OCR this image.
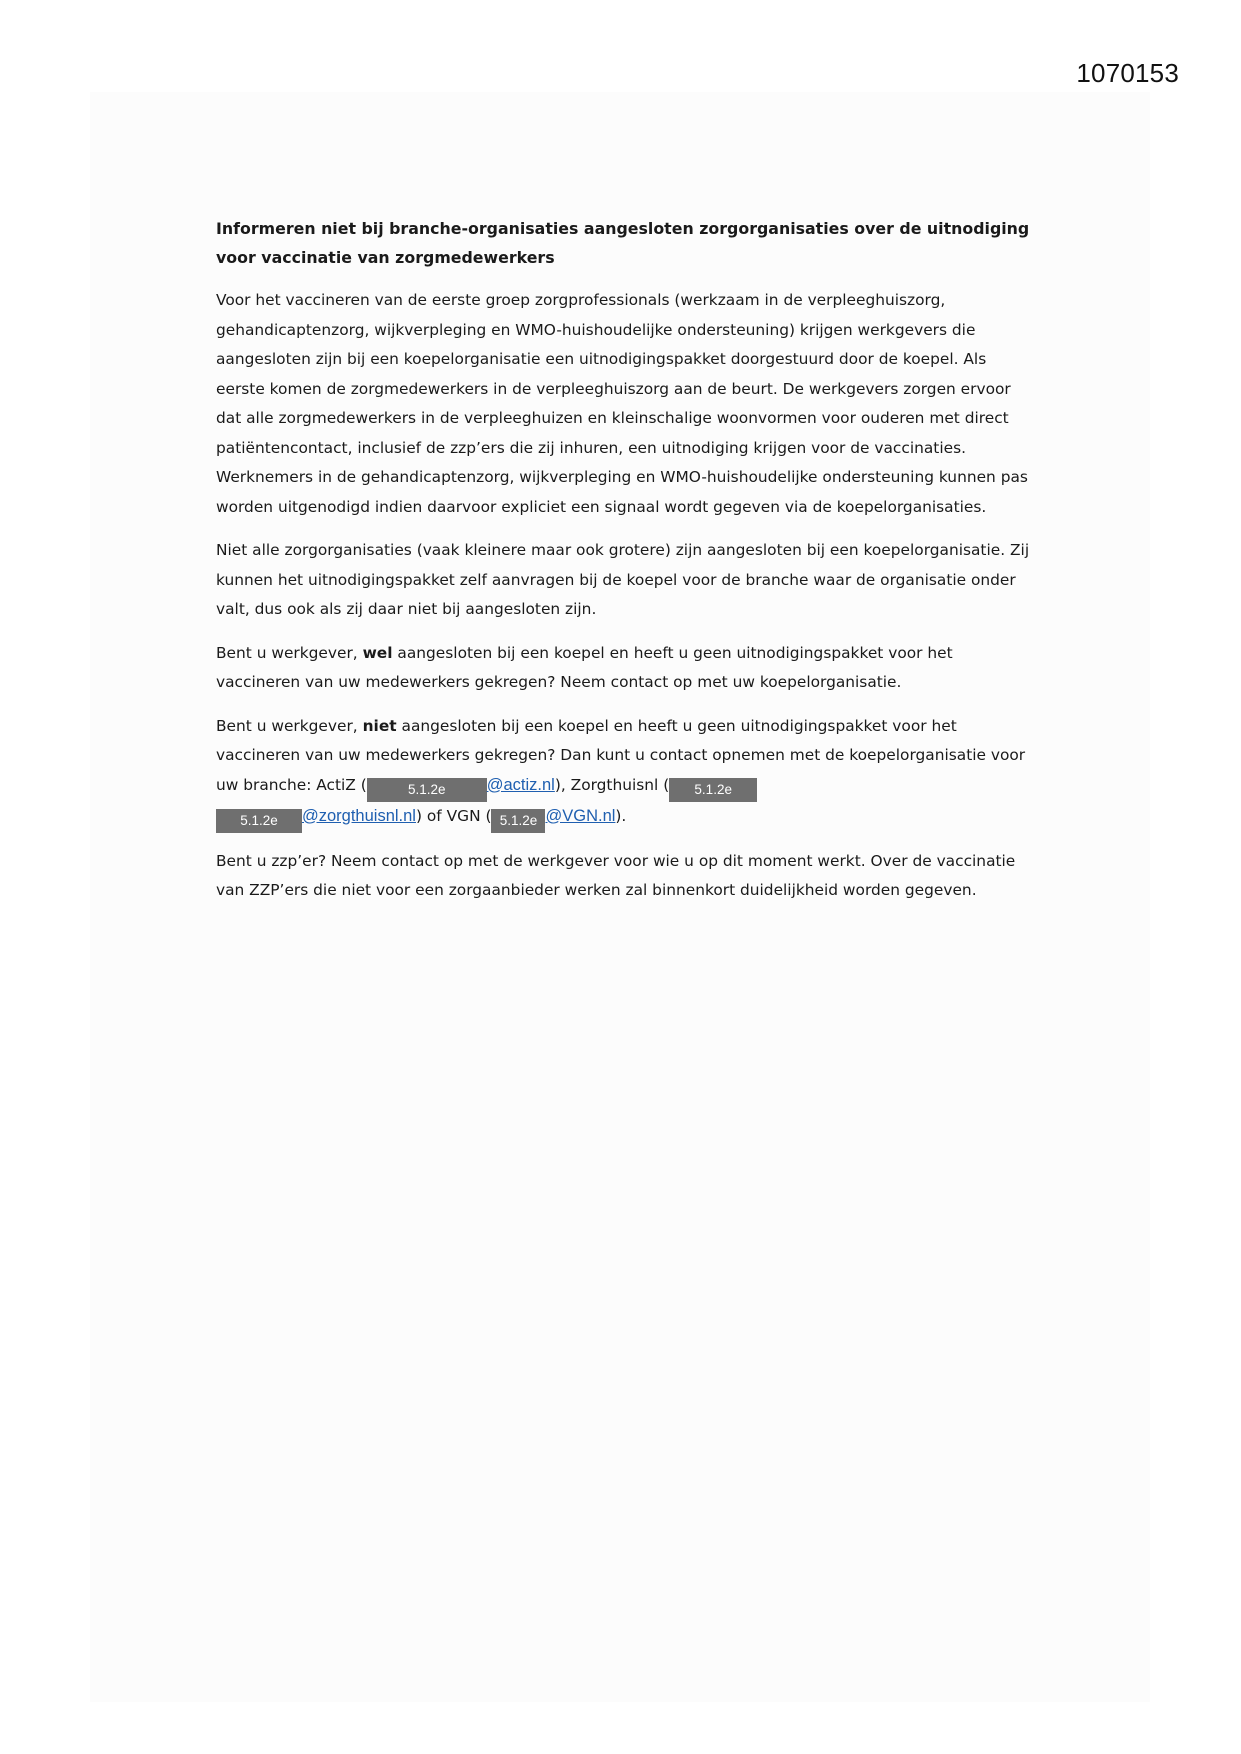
1070153
Informeren niet bij branche-organisaties aangesloten zorgorganisaties over de uitnodiging voor vaccinatie van zorgmedewerkers

Voor het vaccineren van de eerste groep zorgprofessionals (werkzaam in de verpleeghuiszorg, gehandicaptenzorg, wijkverpleging en WMO-huishoudelijke ondersteuning) krijgen werkgevers die aangesloten zijn bij een koepelorganisatie een uitnodigingspakket doorgestuurd door de koepel. Als eerste komen de zorgmedewerkers in de verpleeghuiszorg aan de beurt. De werkgevers zorgen ervoor dat alle zorgmedewerkers in de verpleeghuizen en kleinschalige woonvormen voor ouderen met direct patiëntencontact, inclusief de zzp’ers die zij inhuren, een uitnodiging krijgen voor de vaccinaties. Werknemers in de gehandicaptenzorg, wijkverpleging en WMO-huishoudelijke ondersteuning kunnen pas worden uitgenodigd indien daarvoor expliciet een signaal wordt gegeven via de koepelorganisaties.

Niet alle zorgorganisaties (vaak kleinere maar ook grotere) zijn aangesloten bij een koepelorganisatie. Zij kunnen het uitnodigingspakket zelf aanvragen bij de koepel voor de branche waar de organisatie onder valt, dus ook als zij daar niet bij aangesloten zijn.

Bent u werkgever, wel aangesloten bij een koepel en heeft u geen uitnodigingspakket voor het vaccineren van uw medewerkers gekregen? Neem contact op met uw koepelorganisatie.

Bent u werkgever, niet aangesloten bij een koepel en heeft u geen uitnodigingspakket voor het vaccineren van uw medewerkers gekregen? Dan kunt u contact opnemen met de koepelorganisatie voor uw branche: ActiZ (	5.1.2e @actiz.nl), Zorgthuisnl ( 5.1.2e
5.1.2e @zorgthuisnl.nl) of VGN ( 5.1.2e @VGN.nl).

Bent u zzp’er? Neem contact op met de werkgever voor wie u op dit moment werkt. Over de vaccinatie van ZZP’ers die niet voor een zorgaanbieder werken zal binnenkort duidelijkheid worden gegeven.
